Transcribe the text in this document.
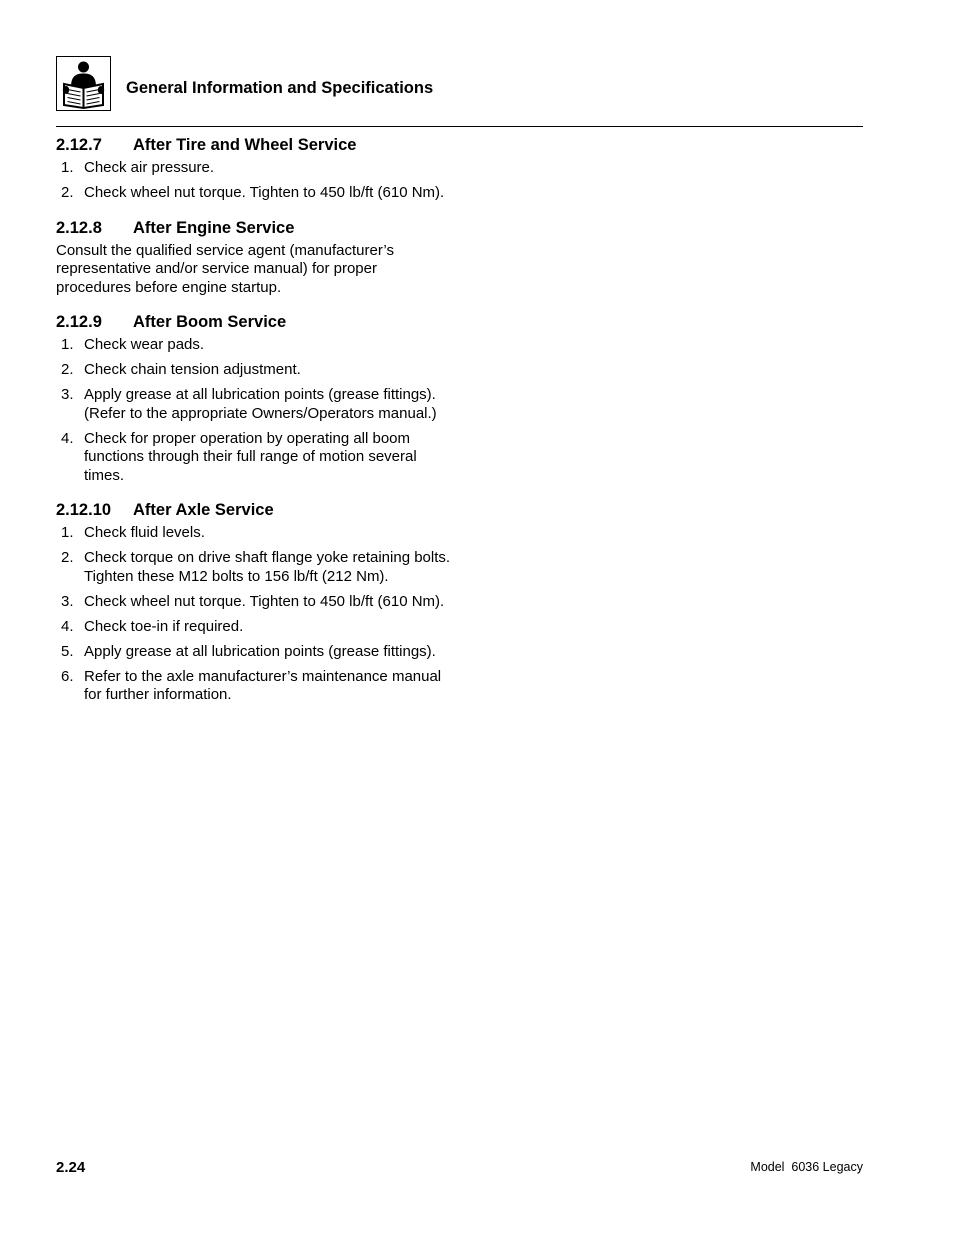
General Information and Specifications
2.12.7 After Tire and Wheel Service
1. Check air pressure.
2. Check wheel nut torque. Tighten to 450 lb/ft (610 Nm).
2.12.8 After Engine Service

Consult the qualified service agent (manufacturer’s representative and/or service manual) for proper procedures before engine startup.

2.12.9 After Boom Service
1. Check wear pads.
2. Check chain tension adjustment.
3. Apply grease at all lubrication points (grease fittings). (Refer to the appropriate Owners/Operators manual.)
4. Check for proper operation by operating all boom functions through their full range of motion several times.
2.12.10 After Axle Service
1. Check fluid levels.
2. Check torque on drive shaft flange yoke retaining bolts. Tighten these M12 bolts to 156 lb/ft (212 Nm).
3. Check wheel nut torque. Tighten to 450 lb/ft (610 Nm).
4. Check toe-in if required.
5. Apply grease at all lubrication points (grease fittings).
6. Refer to the axle manufacturer’s maintenance manual for further information.
2.24	Model  6036 Legacy
